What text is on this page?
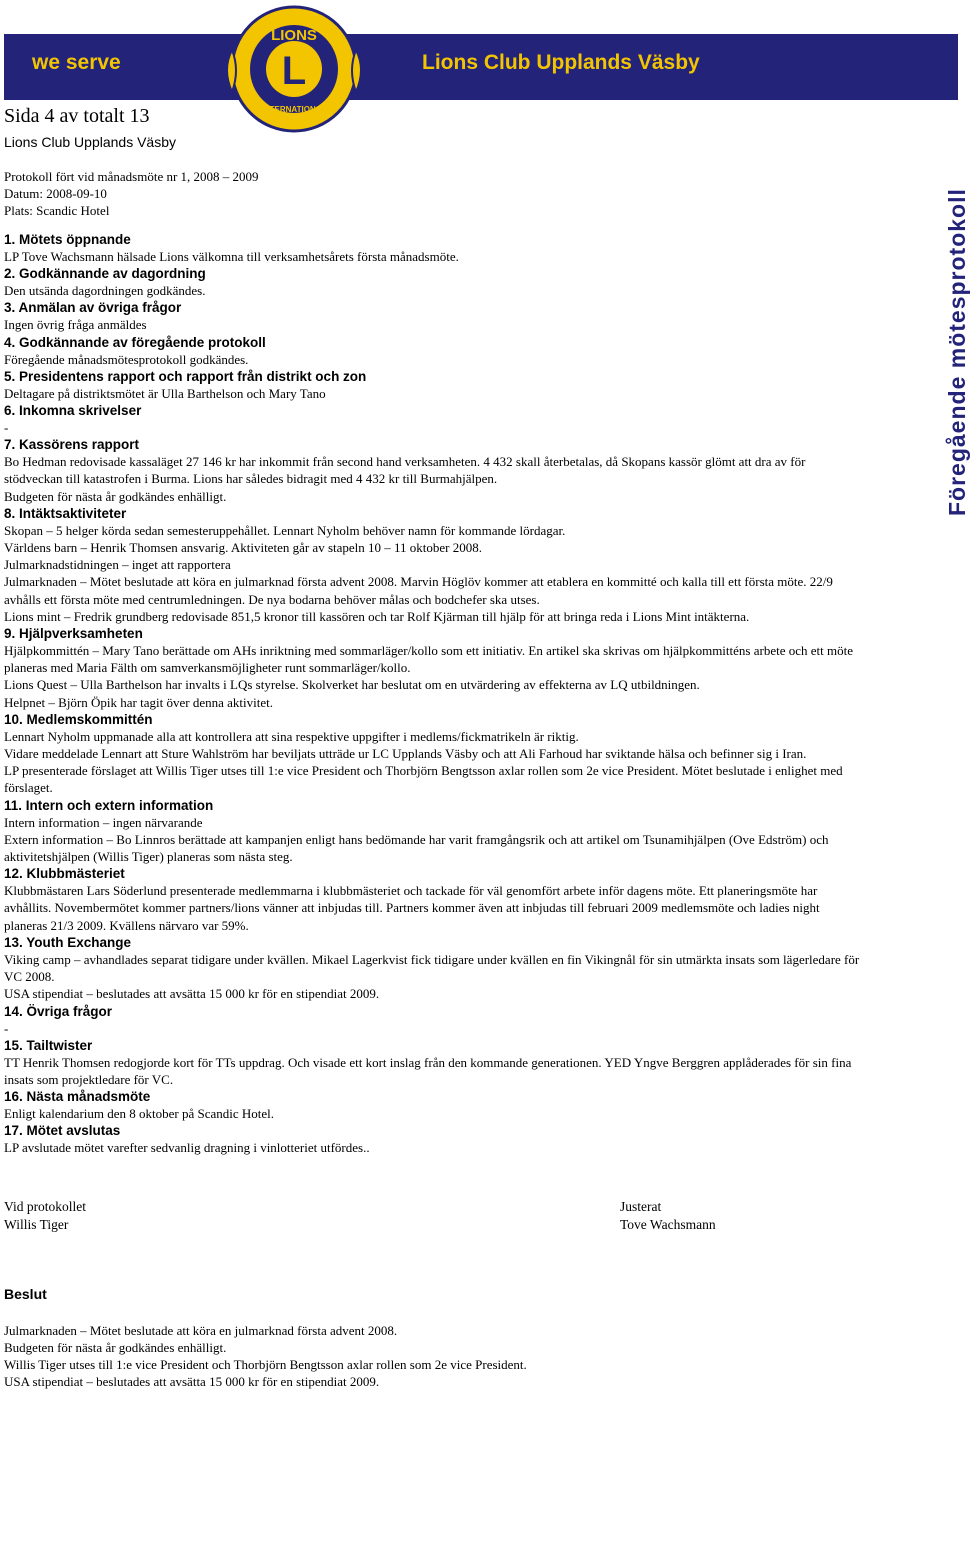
we serve	Lions Club Upplands Väsby
L
LIONS
INTERNATIONAL
Föregående mötesprotokoll
Sida 4 av totalt 13
Lions Club Upplands Väsby
Protokoll fört vid månadsmöte nr 1, 2008 – 2009
Datum: 2008-09-10
Plats: Scandic Hotel
1. Mötets öppnande

LP Tove Wachsmann hälsade Lions välkomna till verksamhetsårets första månadsmöte.

2. Godkännande av dagordning

Den utsända dagordningen godkändes.

3. Anmälan av övriga frågor

Ingen övrig fråga anmäldes

4. Godkännande av föregående protokoll

Föregående månadsmötesprotokoll godkändes.

5. Presidentens rapport och rapport från distrikt och zon

Deltagare på distriktsmötet är Ulla Barthelson och Mary Tano

6. Inkomna skrivelser

-

7. Kassörens rapport

Bo Hedman redovisade kassaläget 27 146 kr har inkommit från second hand verksamheten. 4 432 skall återbetalas, då Skopans kassör glömt att dra av för stödveckan till katastrofen i Burma. Lions har således bidragit med 4 432 kr till Burmahjälpen.

Budgeten för nästa år godkändes enhälligt.

8. Intäktsaktiviteter

Skopan – 5 helger körda sedan semesteruppehållet. Lennart Nyholm behöver namn för kommande lördagar.

Världens barn – Henrik Thomsen ansvarig. Aktiviteten går av stapeln 10 – 11 oktober 2008.

Julmarknadstidningen – inget att rapportera

Julmarknaden – Mötet beslutade att köra en julmarknad första advent 2008. Marvin Höglöv kommer att etablera en kommitté och kalla till ett första möte. 22/9 avhålls ett första möte med centrumledningen. De nya bodarna behöver målas och bodchefer ska utses.

Lions mint – Fredrik grundberg redovisade 851,5 kronor till kassören och tar Rolf Kjärman till hjälp för att bringa reda i Lions Mint intäkterna.

9. Hjälpverksamheten

Hjälpkommittén – Mary Tano berättade om AHs inriktning med sommarläger/kollo som ett initiativ. En artikel ska skrivas om hjälpkommitténs arbete och ett möte planeras med Maria Fälth om samverkansmöjligheter runt sommarläger/kollo.

Lions Quest – Ulla Barthelson har invalts i LQs styrelse. Skolverket har beslutat om en utvärdering av effekterna av LQ utbildningen.

Helpnet – Björn Öpik har tagit över denna aktivitet.

10. Medlemskommittén

Lennart Nyholm uppmanade alla att kontrollera att sina respektive uppgifter i medlems/fickmatrikeln är riktig.

Vidare meddelade Lennart att Sture Wahlström har beviljats utträde ur LC Upplands Väsby och att Ali Farhoud har sviktande hälsa och befinner sig i Iran.

LP presenterade förslaget att Willis Tiger utses till 1:e vice President och Thorbjörn Bengtsson axlar rollen som 2e vice President. Mötet beslutade i enlighet med förslaget.

11. Intern och extern information

Intern information – ingen närvarande

Extern information – Bo Linnros berättade att kampanjen enligt hans bedömande har varit framgångsrik och att artikel om Tsunamihjälpen (Ove Edström) och aktivitetshjälpen (Willis Tiger) planeras som nästa steg.

12. Klubbmästeriet

Klubbmästaren Lars Söderlund presenterade medlemmarna i klubbmästeriet och tackade för väl genomfört arbete inför dagens möte. Ett planeringsmöte har avhållits. Novembermötet kommer partners/lions vänner att inbjudas till. Partners kommer även att inbjudas till februari 2009 medlemsmöte och ladies night planeras 21/3 2009. Kvällens närvaro var 59%.

13. Youth Exchange

Viking camp – avhandlades separat tidigare under kvällen. Mikael Lagerkvist fick tidigare under kvällen en fin Vikingnål för sin utmärkta insats som lägerledare för VC 2008.

USA stipendiat – beslutades att avsätta 15 000 kr för en stipendiat 2009.

14. Övriga frågor

-

15. Tailtwister

TT Henrik Thomsen redogjorde kort för TTs uppdrag. Och visade ett kort inslag från den kommande generationen. YED Yngve Berggren applåderades för sin fina insats som projektledare för VC.

16. Nästa månadsmöte

Enligt kalendarium den 8 oktober på Scandic Hotel.

17. Mötet avslutas

LP avslutade mötet varefter sedvanlig dragning i vinlotteriet utfördes..

Vid protokollet
Willis Tiger
Justerat
Tove Wachsmann
Beslut

Julmarknaden – Mötet beslutade att köra en julmarknad första advent 2008.

Budgeten för nästa år godkändes enhälligt.

Willis Tiger utses till 1:e vice President och Thorbjörn Bengtsson axlar rollen som 2e vice President.

USA stipendiat – beslutades att avsätta 15 000 kr för en stipendiat 2009.
